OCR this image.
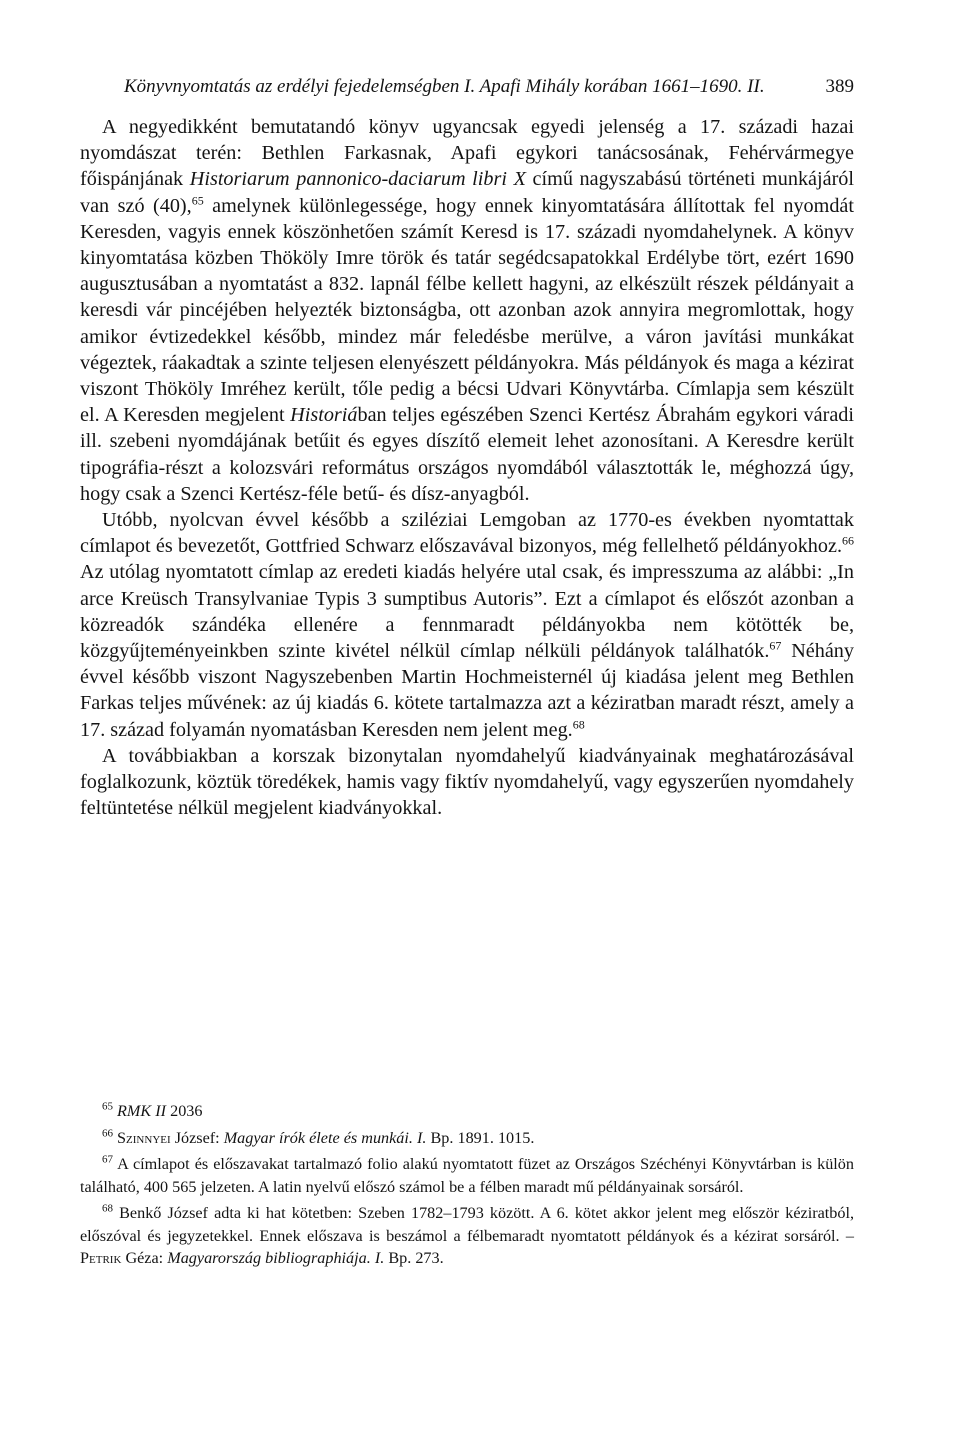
Könyvnyomtatás az erdélyi fejedelemségben I. Apafi Mihály korában 1661–1690. II.	389

A negyedikként bemutatandó könyv ugyancsak egyedi jelenség a 17. századi hazai nyomdászat terén: Bethlen Farkasnak, Apafi egykori tanácsosának, Fehérvármegye főispánjának Historiarum pannonico-daciarum libri X című nagyszabású történeti munkájáról van szó (40),$^{65}$ amelynek különlegessége, hogy ennek kinyomtatására állítottak fel nyomdát Keresden, vagyis ennek köszönhetően számít Keresd is 17. századi nyomdahelynek. A könyv kinyomtatása közben Thököly Imre török és tatár segédcsapatokkal Erdélybe tört, ezért 1690 augusztusában a nyomtatást a 832. lapnál félbe kellett hagyni, az elkészült részek példányait a keresdi vár pincéjében helyezték biztonságba, ott azonban azok annyira megromlottak, hogy amikor évtizedekkel később, mindez már feledésbe merülve, a váron javítási munkákat végeztek, ráakadtak a szinte teljesen elenyészett példányokra. Más példányok és maga a kézirat viszont Thököly Imréhez került, tőle pedig a bécsi Udvari Könyvtárba. Címlapja sem készült el. A Keresden megjelent Historiában teljes egészében Szenci Kertész Ábrahám egykori váradi ill. szebeni nyomdájának betűit és egyes díszítő elemeit lehet azonosítani. A Keresdre került tipográfia-részt a kolozsvári református országos nyomdából választották le, méghozzá úgy, hogy csak a Szenci Kertész-féle betű- és dísz-anyagból.

Utóbb, nyolcvan évvel később a sziléziai Lemgoban az 1770-es években nyomtattak címlapot és bevezetőt, Gottfried Schwarz előszavával bizonyos, még fellelhető példányokhoz.$^{66}$ Az utólag nyomtatott címlap az eredeti kiadás helyére utal csak, és impresszuma az alábbi: „In arce Kreüsch Transylvaniae Typis 3 sumptibus Autoris”. Ezt a címlapot és előszót azonban a közreadók szándéka ellenére a fennmaradt példányokba nem kötötték be, közgyűjteményeinkben szinte kivétel nélkül címlap nélküli példányok találhatók.$^{67}$ Néhány évvel később viszont Nagyszebenben Martin Hochmeisternél új kiadása jelent meg Bethlen Farkas teljes művének: az új kiadás 6. kötete tartalmazza azt a kéziratban maradt részt, amely a 17. század folyamán nyomatásban Keresden nem jelent meg.$^{68}$

A továbbiakban a korszak bizonytalan nyomdahelyű kiadványainak meghatározásával foglalkozunk, köztük töredékek, hamis vagy fiktív nyomdahelyű, vagy egyszerűen nyomdahely feltüntetése nélkül megjelent kiadványokkal.

$^{65}$ RMK II 2036

$^{66}$ Szinnyei József: Magyar írók élete és munkái. I. Bp. 1891. 1015.

$^{67}$ A címlapot és előszavakat tartalmazó folio alakú nyomtatott füzet az Országos Széchényi Könyvtárban is külön található, 400 565 jelzeten. A latin nyelvű előszó számol be a félben maradt mű példányainak sorsáról.

$^{68}$ Benkő József adta ki hat kötetben: Szeben 1782–1793 között. A 6. kötet akkor jelent meg először kéziratból, előszóval és jegyzetekkel. Ennek előszava is beszámol a félbemaradt nyomtatott példányok és a kézirat sorsáról. – Petrik Géza: Magyarország bibliographiája. I. Bp. 273.
